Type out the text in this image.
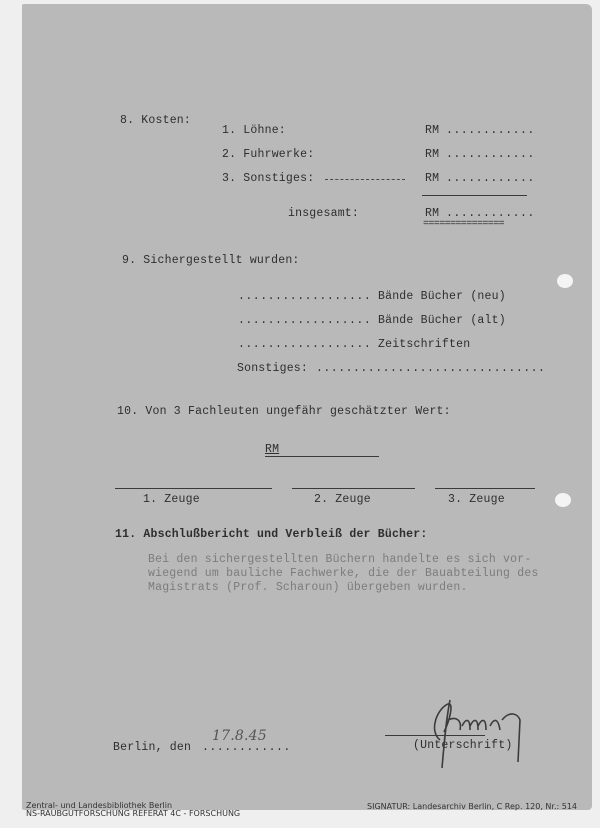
8. Kosten:
1. Löhne:	RM ............
2. Fuhrwerke:	RM ............
3. Sonstiges:	RM ............
insgesamt:	RM ............
===============
9. Sichergestellt wurden:
.................. Bände Bücher (neu)
.................. Bände Bücher (alt)
.................. Zeitschriften
Sonstiges: ...............................
10. Von 3 Fachleuten ungefähr geschätzter Wert:
RM
1. Zeuge	2. Zeuge	3. Zeuge
11. Abschlußbericht und Verbleiß der Bücher:
Bei den sichergestellten Büchern handelte es sich vor-
wiegend um bauliche Fachwerke, die der Bauabteilung des
Magistrats (Prof. Scharoun) übergeben wurden.
Berlin, den ............
17.8.45
(Unterschrift)
Zentral- und Landesbibliothek Berlin
NS-RAUBGUTFORSCHUNG REFERAT 4C - FORSCHUNG
SIGNATUR: Landesarchiv Berlin, C Rep. 120, Nr.: 514
